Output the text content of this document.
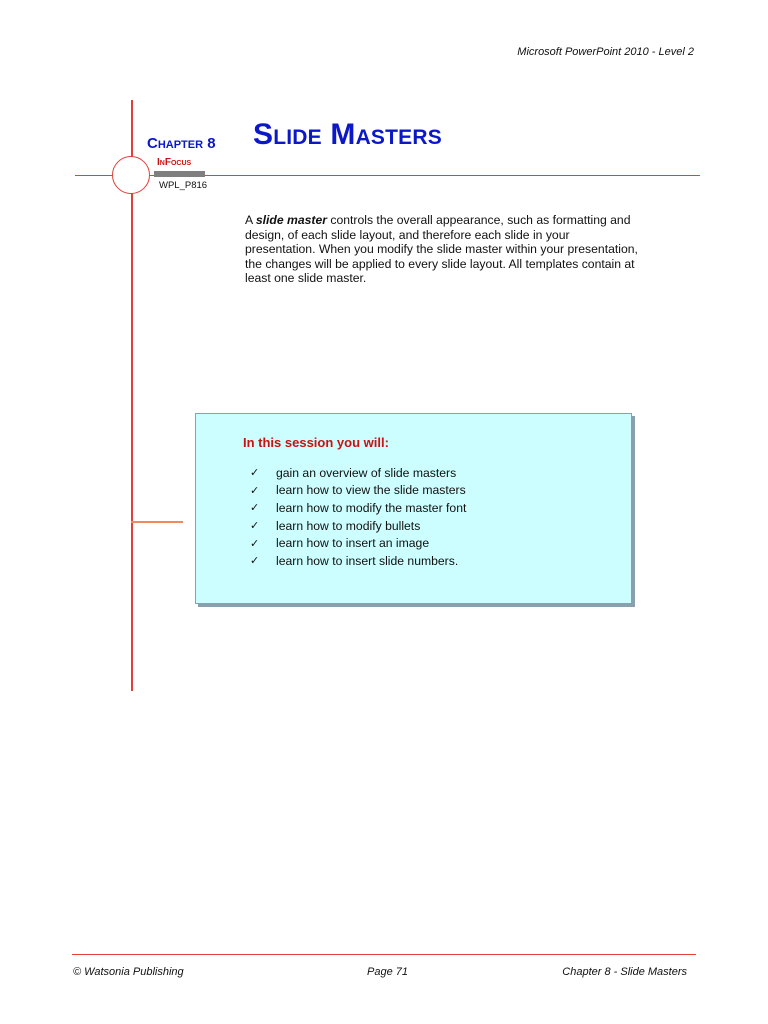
Microsoft PowerPoint 2010 - Level 2
Chapter 8 Slide Masters
InFocus
WPL_P816
A slide master controls the overall appearance, such as formatting and design, of each slide layout, and therefore each slide in your presentation. When you modify the slide master within your presentation, the changes will be applied to every slide layout. All templates contain at least one slide master.
In this session you will:
✓	gain an overview of slide masters
✓	learn how to view the slide masters
✓	learn how to modify the master font
✓	learn how to modify bullets
✓	learn how to insert an image
✓	learn how to insert slide numbers.
© Watsonia Publishing	Page 71	Chapter 8 - Slide Masters
